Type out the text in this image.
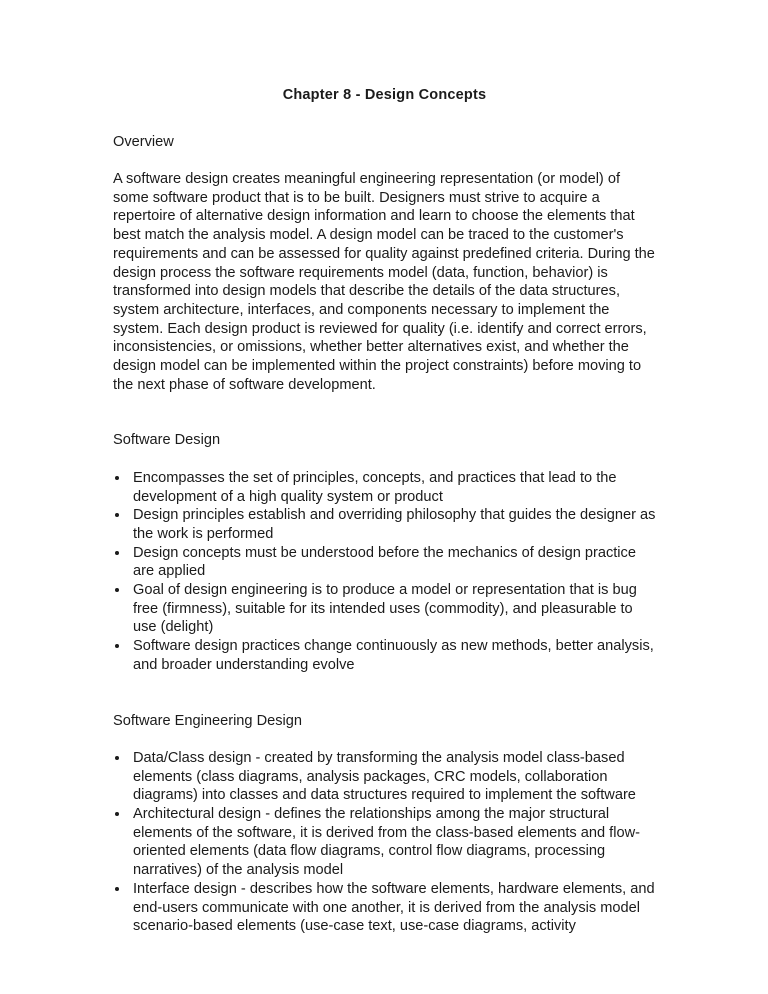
Chapter 8 - Design Concepts
Overview

A software design creates meaningful engineering representation (or model) of some software product that is to be built. Designers must strive to acquire a repertoire of alternative design information and learn to choose the elements that best match the analysis model. A design model can be traced to the customer's requirements and can be assessed for quality against predefined criteria. During the design process the software requirements model (data, function, behavior) is transformed into design models that describe the details of the data structures, system architecture, interfaces, and components necessary to implement the system. Each design product is reviewed for quality (i.e. identify and correct errors, inconsistencies, or omissions, whether better alternatives exist, and whether the design model can be implemented within the project constraints) before moving to the next phase of software development.

Software Design
Encompasses the set of principles, concepts, and practices that lead to the development of a high quality system or product
Design principles establish and overriding philosophy that guides the designer as the work is performed
Design concepts must be understood before the mechanics of design practice are applied
Goal of design engineering is to produce a model or representation that is bug free (firmness), suitable for its intended uses (commodity), and pleasurable to use (delight)
Software design practices change continuously as new methods, better analysis, and broader understanding evolve
Software Engineering Design
Data/Class design - created by transforming the analysis model class-based elements (class diagrams, analysis packages, CRC models, collaboration diagrams) into classes and data structures required to implement the software
Architectural design - defines the relationships among the major structural elements of the software, it is derived from the class-based elements and flow-oriented elements (data flow diagrams, control flow diagrams, processing narratives) of the analysis model
Interface design - describes how the software elements, hardware elements, and end-users communicate with one another, it is derived from the analysis model scenario-based elements (use-case text, use-case diagrams, activity
